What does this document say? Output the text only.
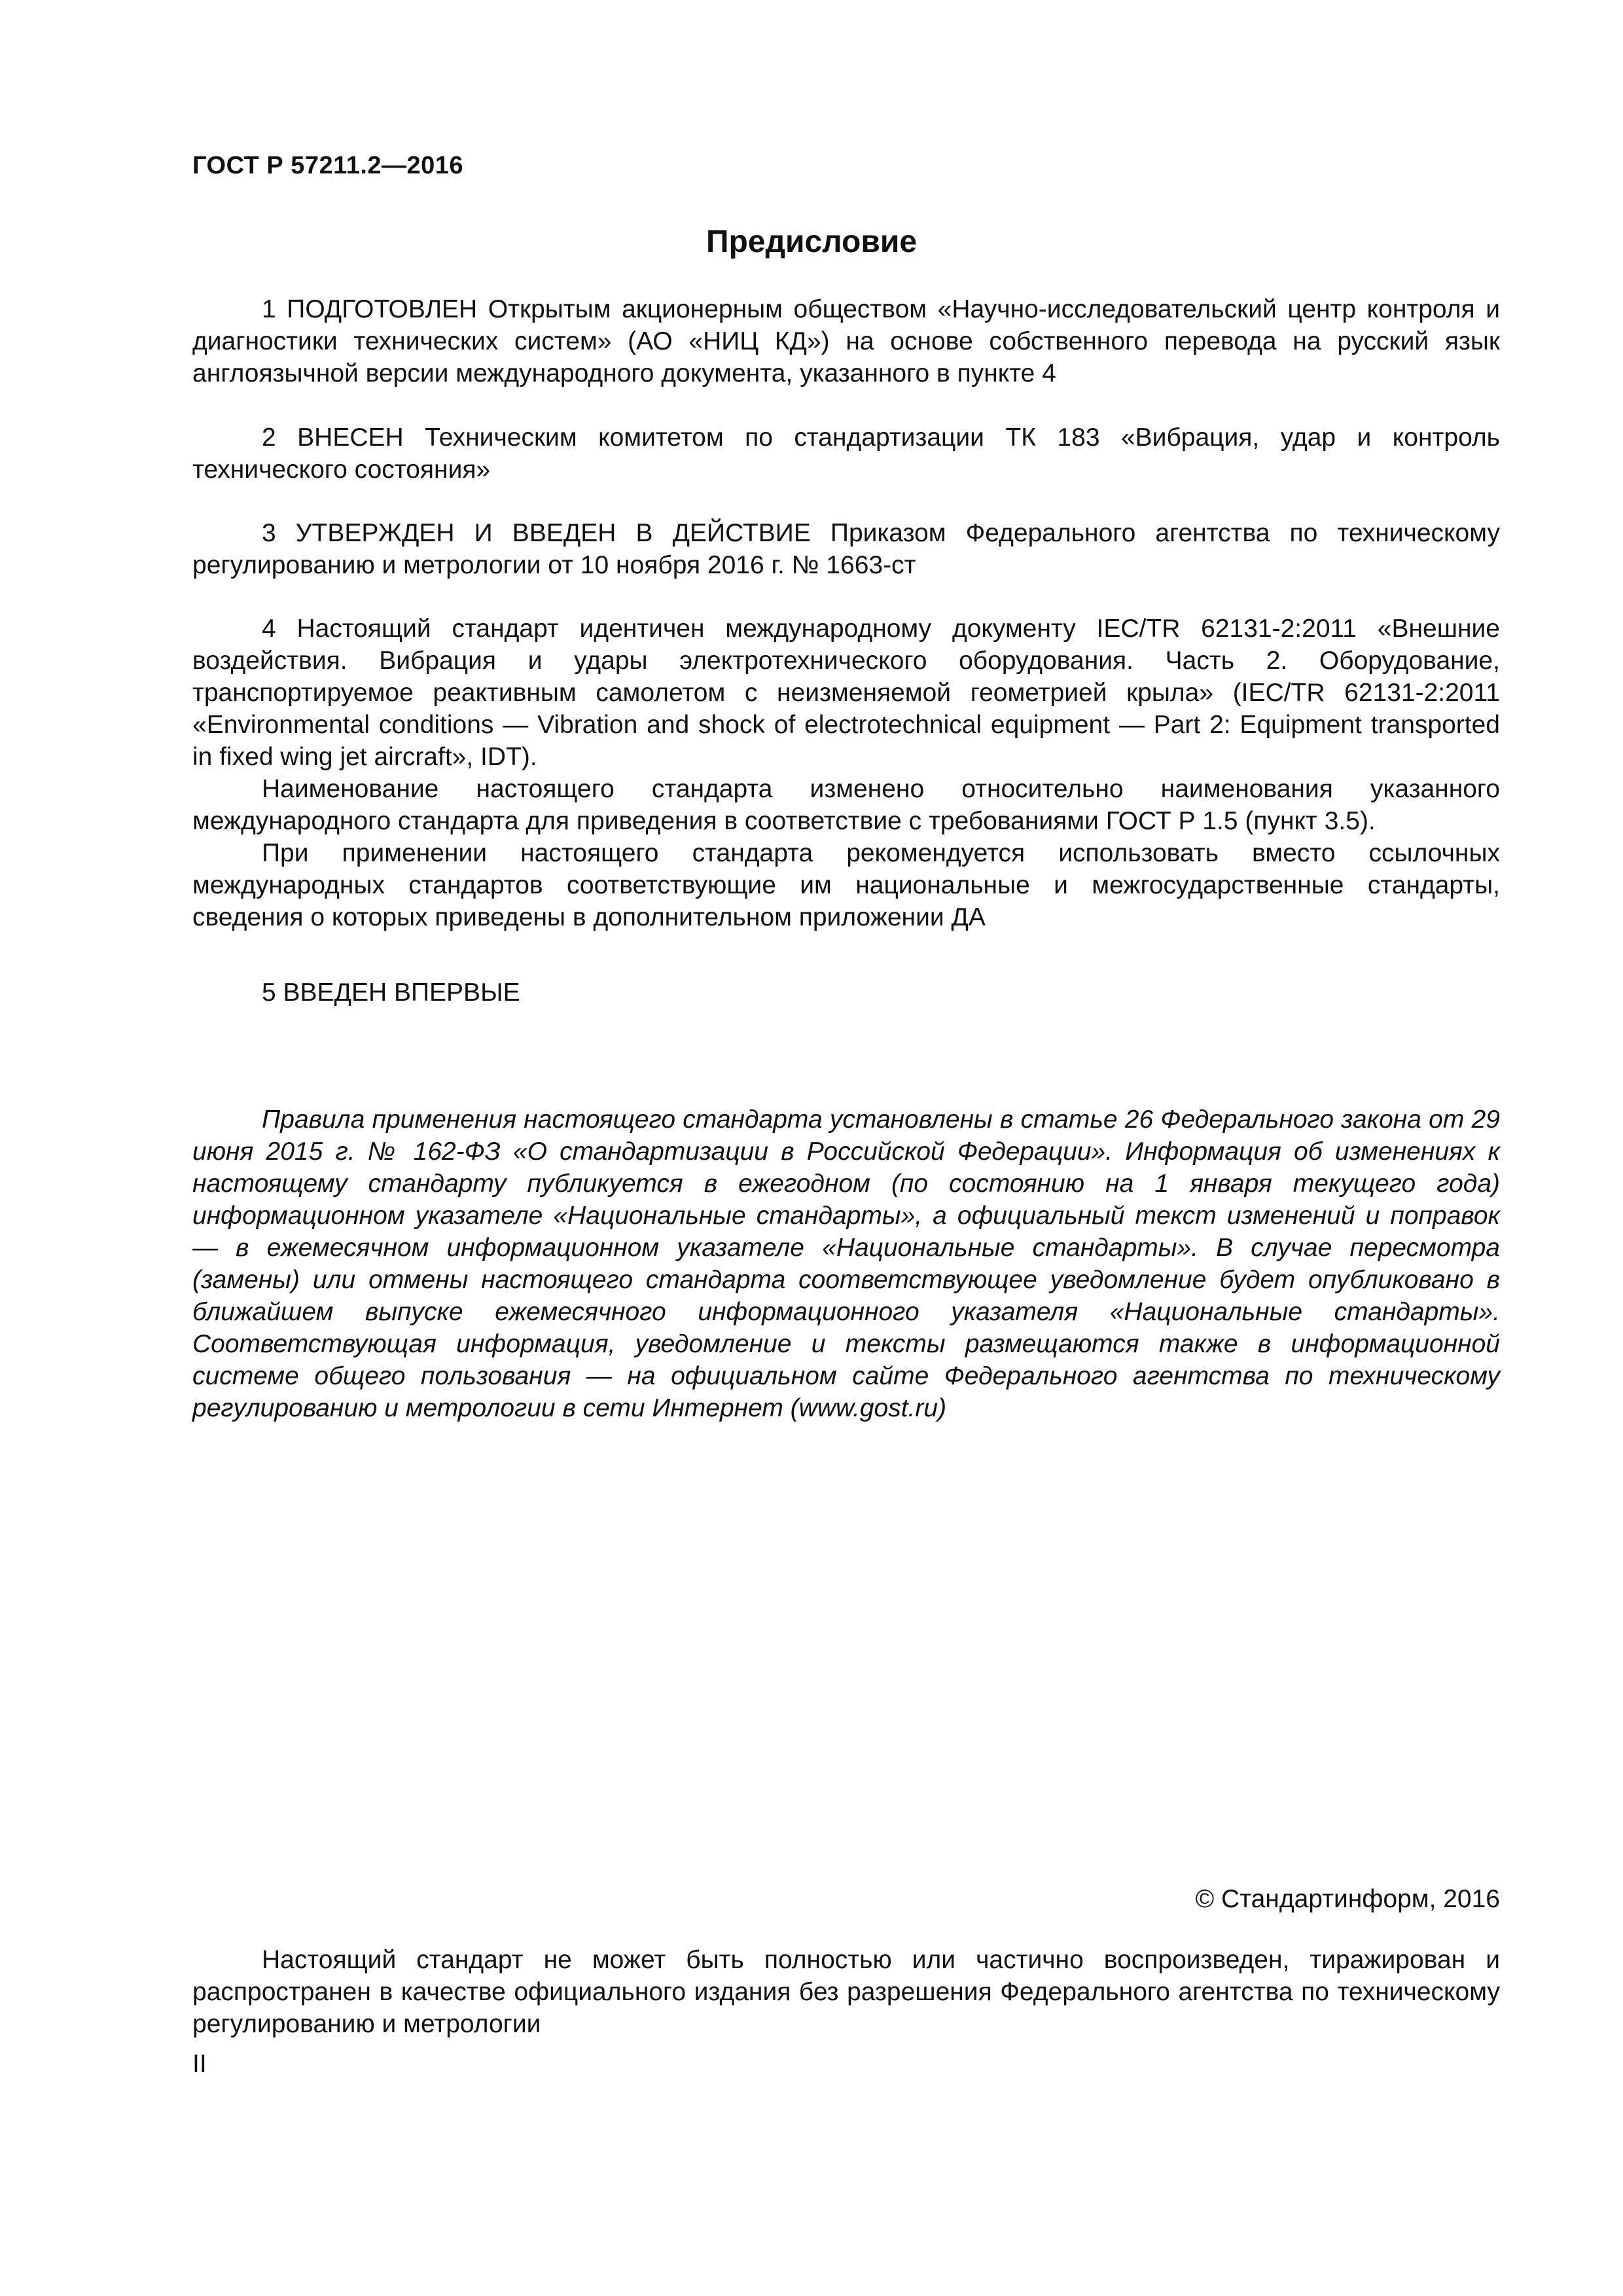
ГОСТ Р 57211.2—2016
Предисловие

1 ПОДГОТОВЛЕН Открытым акционерным обществом «Научно-исследовательский центр контроля и диагностики технических систем» (АО «НИЦ КД») на основе собственного перевода на русский язык англоязычной версии международного документа, указанного в пункте 4

2 ВНЕСЕН Техническим комитетом по стандартизации ТК 183 «Вибрация, удар и контроль технического состояния»

3 УТВЕРЖДЕН И ВВЕДЕН В ДЕЙСТВИЕ Приказом Федерального агентства по техническому регулированию и метрологии от 10 ноября 2016 г. № 1663-ст

4 Настоящий стандарт идентичен международному документу IEC/TR 62131-2:2011 «Внешние воздействия. Вибрация и удары электротехнического оборудования. Часть 2. Оборудование, транспортируемое реактивным самолетом с неизменяемой геометрией крыла» (IEC/TR 62131-2:2011 «Environmental conditions — Vibration and shock of electrotechnical equipment — Part 2: Equipment transported in fixed wing jet aircraft», IDT).

Наименование настоящего стандарта изменено относительно наименования указанного международного стандарта для приведения в соответствие с требованиями ГОСТ Р 1.5 (пункт 3.5).

При применении настоящего стандарта рекомендуется использовать вместо ссылочных международных стандартов соответствующие им национальные и межгосударственные стандарты, сведения о которых приведены в дополнительном приложении ДА

5 ВВЕДЕН ВПЕРВЫЕ

Правила применения настоящего стандарта установлены в статье 26 Федерального закона от 29 июня 2015 г. № 162-ФЗ «О стандартизации в Российской Федерации». Информация об изменениях к настоящему стандарту публикуется в ежегодном (по состоянию на 1 января текущего года) информационном указателе «Национальные стандарты», а официальный текст изменений и поправок — в ежемесячном информационном указателе «Национальные стандарты». В случае пересмотра (замены) или отмены настоящего стандарта соответствующее уведомление будет опубликовано в ближайшем выпуске ежемесячного информационного указателя «Национальные стандарты». Соответствующая информация, уведомление и тексты размещаются также в информационной системе общего пользования — на официальном сайте Федерального агентства по техническому регулированию и метрологии в сети Интернет (www.gost.ru)

© Стандартинформ, 2016

Настоящий стандарт не может быть полностью или частично воспроизведен, тиражирован и распространен в качестве официального издания без разрешения Федерального агентства по техническому регулированию и метрологии

II
